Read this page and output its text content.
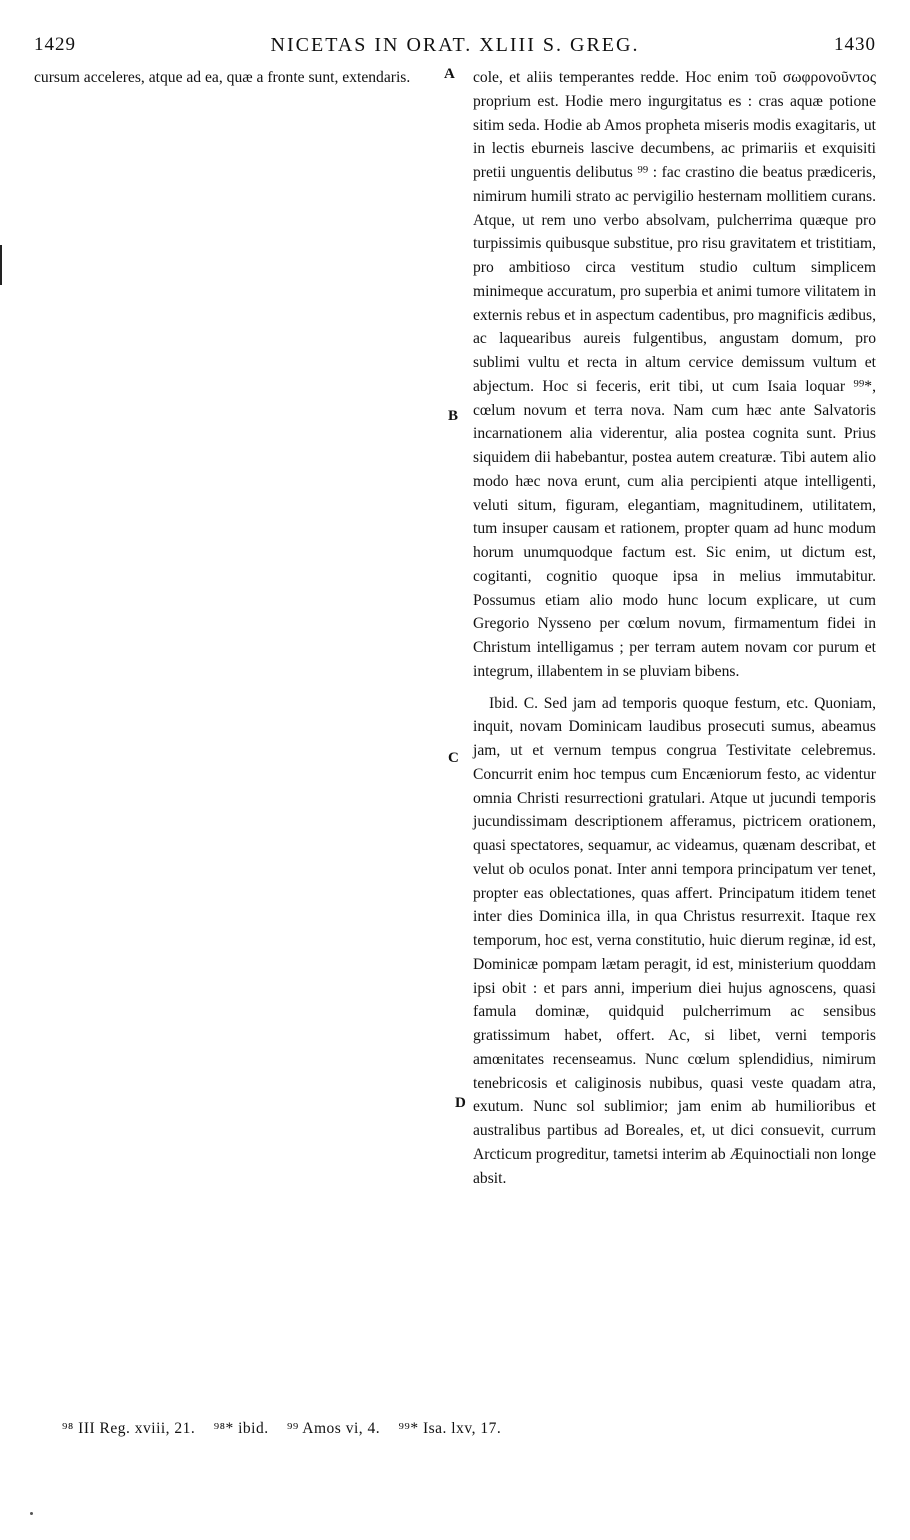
1429	NICETAS IN ORAT. XLIII S. GREG.	1430

cursum acceleres, atque ad ea, quæ a fronte sunt, extendaris.	A
B
C
D

cole, et aliis temperantes redde. Hoc enim τοῦ σωφρονοῦντος proprium est. Hodie mero ingurgitatus es : cras aquæ potione sitim seda. Hodie ab Amos propheta miseris modis exagitaris, ut in lectis eburneis lascive decumbens, ac primariis et exquisiti pretii unguentis delibutus ⁹⁹ : fac crastino die beatus prædiceris, nimirum humili strato ac pervigilio hesternam mollitiem curans. Atque, ut rem uno verbo absolvam, pulcherrima quæque pro turpissimis quibusque substitue, pro risu gravitatem et tristitiam, pro ambitioso circa vestitum studio cultum simplicem minimeque accuratum, pro superbia et animi tumore vilitatem in externis rebus et in aspectum cadentibus, pro magnificis ædibus, ac laquearibus aureis fulgentibus, angustam domum, pro sublimi vultu et recta in altum cervice demissum vultum et abjectum. Hoc si feceris, erit tibi, ut cum Isaia loquar ⁹⁹*, cœlum novum et terra nova. Nam cum hæc ante Salvatoris incarnationem alia viderentur, alia postea cognita sunt. Prius siquidem dii habebantur, postea autem creaturæ. Tibi autem alio modo hæc nova erunt, cum alia percipienti atque intelligenti, veluti situm, figuram, elegantiam, magnitudinem, utilitatem, tum insuper causam et rationem, propter quam ad hunc modum horum unumquodque factum est. Sic enim, ut dictum est, cogitanti, cognitio quoque ipsa in melius immutabitur. Possumus etiam alio modo hunc locum explicare, ut cum Gregorio Nysseno per cœlum novum, firmamentum fidei in Christum intelligamus ; per terram autem novam cor purum et integrum, illabentem in se pluviam bibens.

Ibid. C. Sed jam ad temporis quoque festum, etc. Quoniam, inquit, novam Dominicam laudibus prosecuti sumus, abeamus jam, ut et vernum tempus congrua Testivitate celebremus. Concurrit enim hoc tempus cum Encæniorum festo, ac videntur omnia Christi resurrectioni gratulari. Atque ut jucundi temporis jucundissimam descriptionem afferamus, pictricem orationem, quasi spectatores, sequamur, ac videamus, quænam describat, et velut ob oculos ponat. Inter anni tempora principatum ver tenet, propter eas oblectationes, quas affert. Principatum itidem tenet inter dies Dominica illa, in qua Christus resurrexit. Itaque rex temporum, hoc est, verna constitutio, huic dierum reginæ, id est, Dominicæ pompam lætam peragit, id est, ministerium quoddam ipsi obit : et pars anni, imperium diei hujus agnoscens, quasi famula dominæ, quidquid pulcherrimum ac sensibus gratissimum habet, offert. Ac, si libet, verni temporis amœnitates recenseamus. Nunc cœlum splendidius, nimirum tenebricosis et caliginosis nubibus, quasi veste quadam atra, exutum. Nunc sol sublimior; jam enim ab humilioribus et australibus partibus ad Boreales, et, ut dici consuevit, currum Arcticum progreditur, tametsi interim ab Æquinoctiali non longe absit.

⁹⁸ III Reg. xviii, 21. ⁹⁸* ibid. ⁹⁹ Amos vi, 4. ⁹⁹* Isa. lxv, 17.
